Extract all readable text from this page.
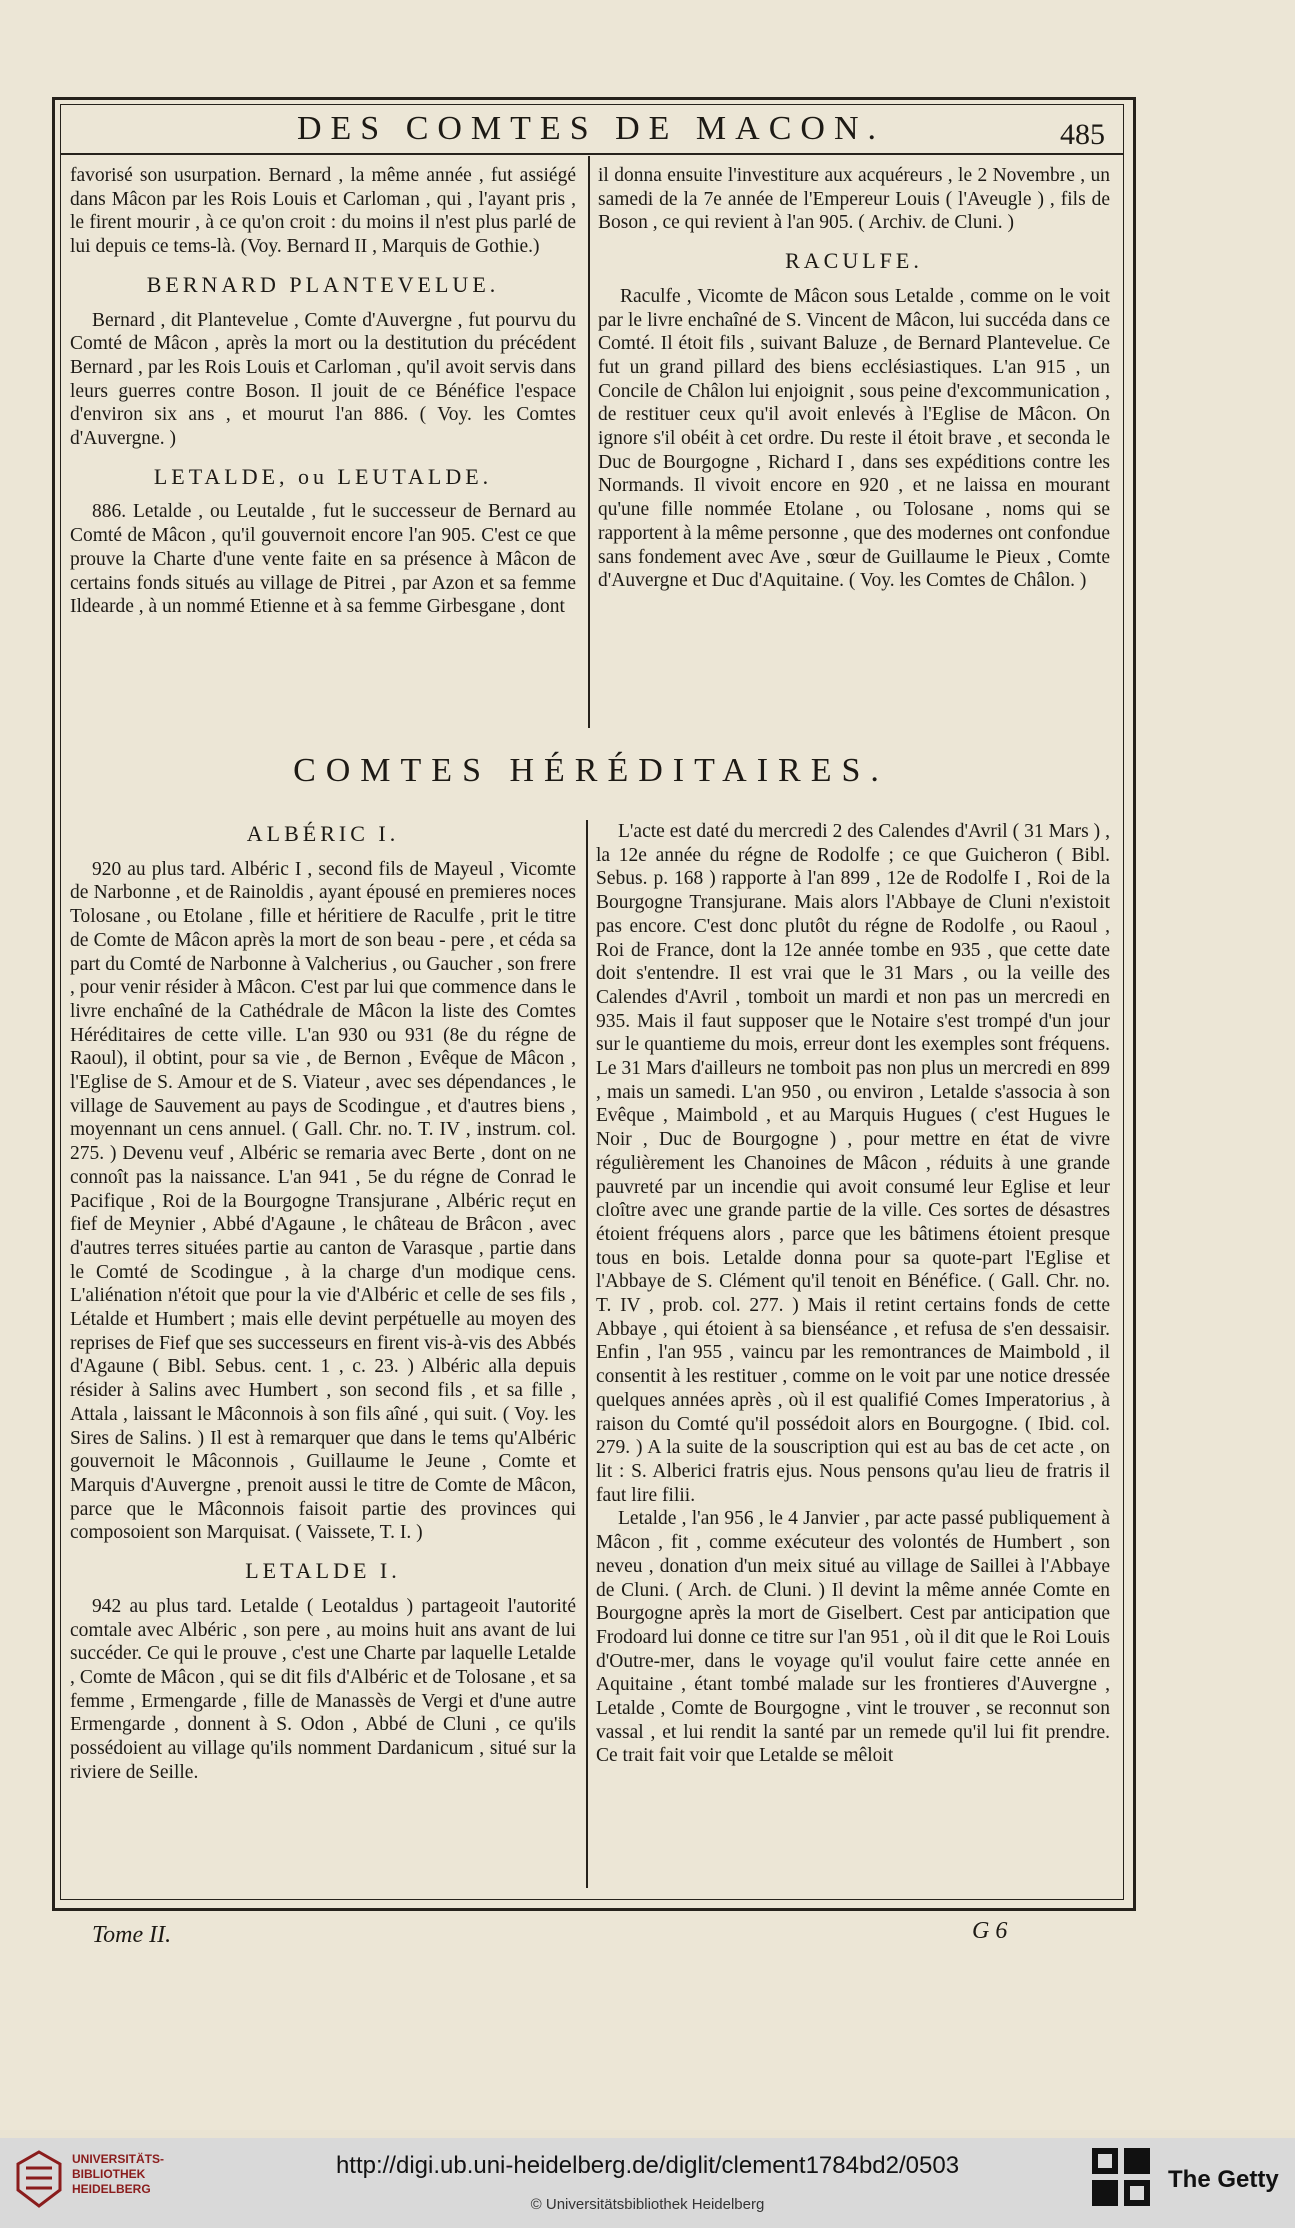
DES COMTES DE MACON.	485

favorisé son usurpation. Bernard , la même année , fut assiégé dans Mâcon par les Rois Louis et Carloman , qui , l'ayant pris , le firent mourir , à ce qu'on croit : du moins il n'est plus parlé de lui depuis ce tems-là. (Voy. Bernard II , Marquis de Gothie.)

BERNARD PLANTEVELUE.

Bernard , dit Plantevelue , Comte d'Auvergne , fut pourvu du Comté de Mâcon , après la mort ou la destitution du précédent Bernard , par les Rois Louis et Carloman , qu'il avoit servis dans leurs guerres contre Boson. Il jouit de ce Bénéfice l'espace d'environ six ans , et mourut l'an 886. ( Voy. les Comtes d'Auvergne. )

LETALDE, ou LEUTALDE.

886. Letalde , ou Leutalde , fut le successeur de Bernard au Comté de Mâcon , qu'il gouvernoit encore l'an 905. C'est ce que prouve la Charte d'une vente faite en sa présence à Mâcon de certains fonds situés au village de Pitrei , par Azon et sa femme Ildearde , à un nommé Etienne et à sa femme Girbesgane , dont

il donna ensuite l'investiture aux acquéreurs , le 2 Novembre , un samedi de la 7e année de l'Empereur Louis ( l'Aveugle ) , fils de Boson , ce qui revient à l'an 905. ( Archiv. de Cluni. )

RACULFE.

Raculfe , Vicomte de Mâcon sous Letalde , comme on le voit par le livre enchaîné de S. Vincent de Mâcon, lui succéda dans ce Comté. Il étoit fils , suivant Baluze , de Bernard Plantevelue. Ce fut un grand pillard des biens ecclésiastiques. L'an 915 , un Concile de Châlon lui enjoignit , sous peine d'excommunication , de restituer ceux qu'il avoit enlevés à l'Eglise de Mâcon. On ignore s'il obéit à cet ordre. Du reste il étoit brave , et seconda le Duc de Bourgogne , Richard I , dans ses expéditions contre les Normands. Il vivoit encore en 920 , et ne laissa en mourant qu'une fille nommée Etolane , ou Tolosane , noms qui se rapportent à la même personne , que des modernes ont confondue sans fondement avec Ave , sœur de Guillaume le Pieux , Comte d'Auvergne et Duc d'Aquitaine. ( Voy. les Comtes de Châlon. )

COMTES HÉRÉDITAIRES.
ALBÉRIC I.

920 au plus tard. Albéric I , second fils de Mayeul , Vicomte de Narbonne , et de Rainoldis , ayant épousé en premieres noces Tolosane , ou Etolane , fille et héritiere de Raculfe , prit le titre de Comte de Mâcon après la mort de son beau - pere , et céda sa part du Comté de Narbonne à Valcherius , ou Gaucher , son frere , pour venir résider à Mâcon. C'est par lui que commence dans le livre enchaîné de la Cathédrale de Mâcon la liste des Comtes Héréditaires de cette ville. L'an 930 ou 931 (8e du régne de Raoul), il obtint, pour sa vie , de Bernon , Evêque de Mâcon , l'Eglise de S. Amour et de S. Viateur , avec ses dépendances , le village de Sauvement au pays de Scodingue , et d'autres biens , moyennant un cens annuel. ( Gall. Chr. no. T. IV , instrum. col. 275. ) Devenu veuf , Albéric se remaria avec Berte , dont on ne connoît pas la naissance. L'an 941 , 5e du régne de Conrad le Pacifique , Roi de la Bourgogne Transjurane , Albéric reçut en fief de Meynier , Abbé d'Agaune , le château de Brâcon , avec d'autres terres situées partie au canton de Varasque , partie dans le Comté de Scodingue , à la charge d'un modique cens. L'aliénation n'étoit que pour la vie d'Albéric et celle de ses fils , Létalde et Humbert ; mais elle devint perpétuelle au moyen des reprises de Fief que ses successeurs en firent vis-à-vis des Abbés d'Agaune ( Bibl. Sebus. cent. 1 , c. 23. ) Albéric alla depuis résider à Salins avec Humbert , son second fils , et sa fille , Attala , laissant le Mâconnois à son fils aîné , qui suit. ( Voy. les Sires de Salins. ) Il est à remarquer que dans le tems qu'Albéric gouvernoit le Mâconnois , Guillaume le Jeune , Comte et Marquis d'Auvergne , prenoit aussi le titre de Comte de Mâcon, parce que le Mâconnois faisoit partie des provinces qui composoient son Marquisat. ( Vaissete, T. I. )

LETALDE I.

942 au plus tard. Letalde ( Leotaldus ) partageoit l'autorité comtale avec Albéric , son pere , au moins huit ans avant de lui succéder. Ce qui le prouve , c'est une Charte par laquelle Letalde , Comte de Mâcon , qui se dit fils d'Albéric et de Tolosane , et sa femme , Ermengarde , fille de Manassès de Vergi et d'une autre Ermengarde , donnent à S. Odon , Abbé de Cluni , ce qu'ils possédoient au village qu'ils nomment Dardanicum , situé sur la riviere de Seille.

L'acte est daté du mercredi 2 des Calendes d'Avril ( 31 Mars ) , la 12e année du régne de Rodolfe ; ce que Guicheron ( Bibl. Sebus. p. 168 ) rapporte à l'an 899 , 12e de Rodolfe I , Roi de la Bourgogne Transjurane. Mais alors l'Abbaye de Cluni n'existoit pas encore. C'est donc plutôt du régne de Rodolfe , ou Raoul , Roi de France, dont la 12e année tombe en 935 , que cette date doit s'entendre. Il est vrai que le 31 Mars , ou la veille des Calendes d'Avril , tomboit un mardi et non pas un mercredi en 935. Mais il faut supposer que le Notaire s'est trompé d'un jour sur le quantieme du mois, erreur dont les exemples sont fréquens. Le 31 Mars d'ailleurs ne tomboit pas non plus un mercredi en 899 , mais un samedi. L'an 950 , ou environ , Letalde s'associa à son Evêque , Maimbold , et au Marquis Hugues ( c'est Hugues le Noir , Duc de Bourgogne ) , pour mettre en état de vivre régulièrement les Chanoines de Mâcon , réduits à une grande pauvreté par un incendie qui avoit consumé leur Eglise et leur cloître avec une grande partie de la ville. Ces sortes de désastres étoient fréquens alors , parce que les bâtimens étoient presque tous en bois. Letalde donna pour sa quote-part l'Eglise et l'Abbaye de S. Clément qu'il tenoit en Bénéfice. ( Gall. Chr. no. T. IV , prob. col. 277. ) Mais il retint certains fonds de cette Abbaye , qui étoient à sa bienséance , et refusa de s'en dessaisir. Enfin , l'an 955 , vaincu par les remontrances de Maimbold , il consentit à les restituer , comme on le voit par une notice dressée quelques années après , où il est qualifié Comes Imperatorius , à raison du Comté qu'il possédoit alors en Bourgogne. ( Ibid. col. 279. ) A la suite de la souscription qui est au bas de cet acte , on lit : S. Alberici fratris ejus. Nous pensons qu'au lieu de fratris il faut lire filii.

Letalde , l'an 956 , le 4 Janvier , par acte passé publiquement à Mâcon , fit , comme exécuteur des volontés de Humbert , son neveu , donation d'un meix situé au village de Saillei à l'Abbaye de Cluni. ( Arch. de Cluni. ) Il devint la même année Comte en Bourgogne après la mort de Giselbert. Cest par anticipation que Frodoard lui donne ce titre sur l'an 951 , où il dit que le Roi Louis d'Outre-mer, dans le voyage qu'il voulut faire cette année en Aquitaine , étant tombé malade sur les frontieres d'Auvergne , Letalde , Comte de Bourgogne , vint le trouver , se reconnut son vassal , et lui rendit la santé par un remede qu'il lui fit prendre. Ce trait fait voir que Letalde se mêloit

Tome II.	G 6
UNIVERSITÄTS-
BIBLIOTHEK
HEIDELBERG
http://digi.ub.uni-heidelberg.de/diglit/clement1784bd2/0503
© Universitätsbibliothek Heidelberg
The Getty
